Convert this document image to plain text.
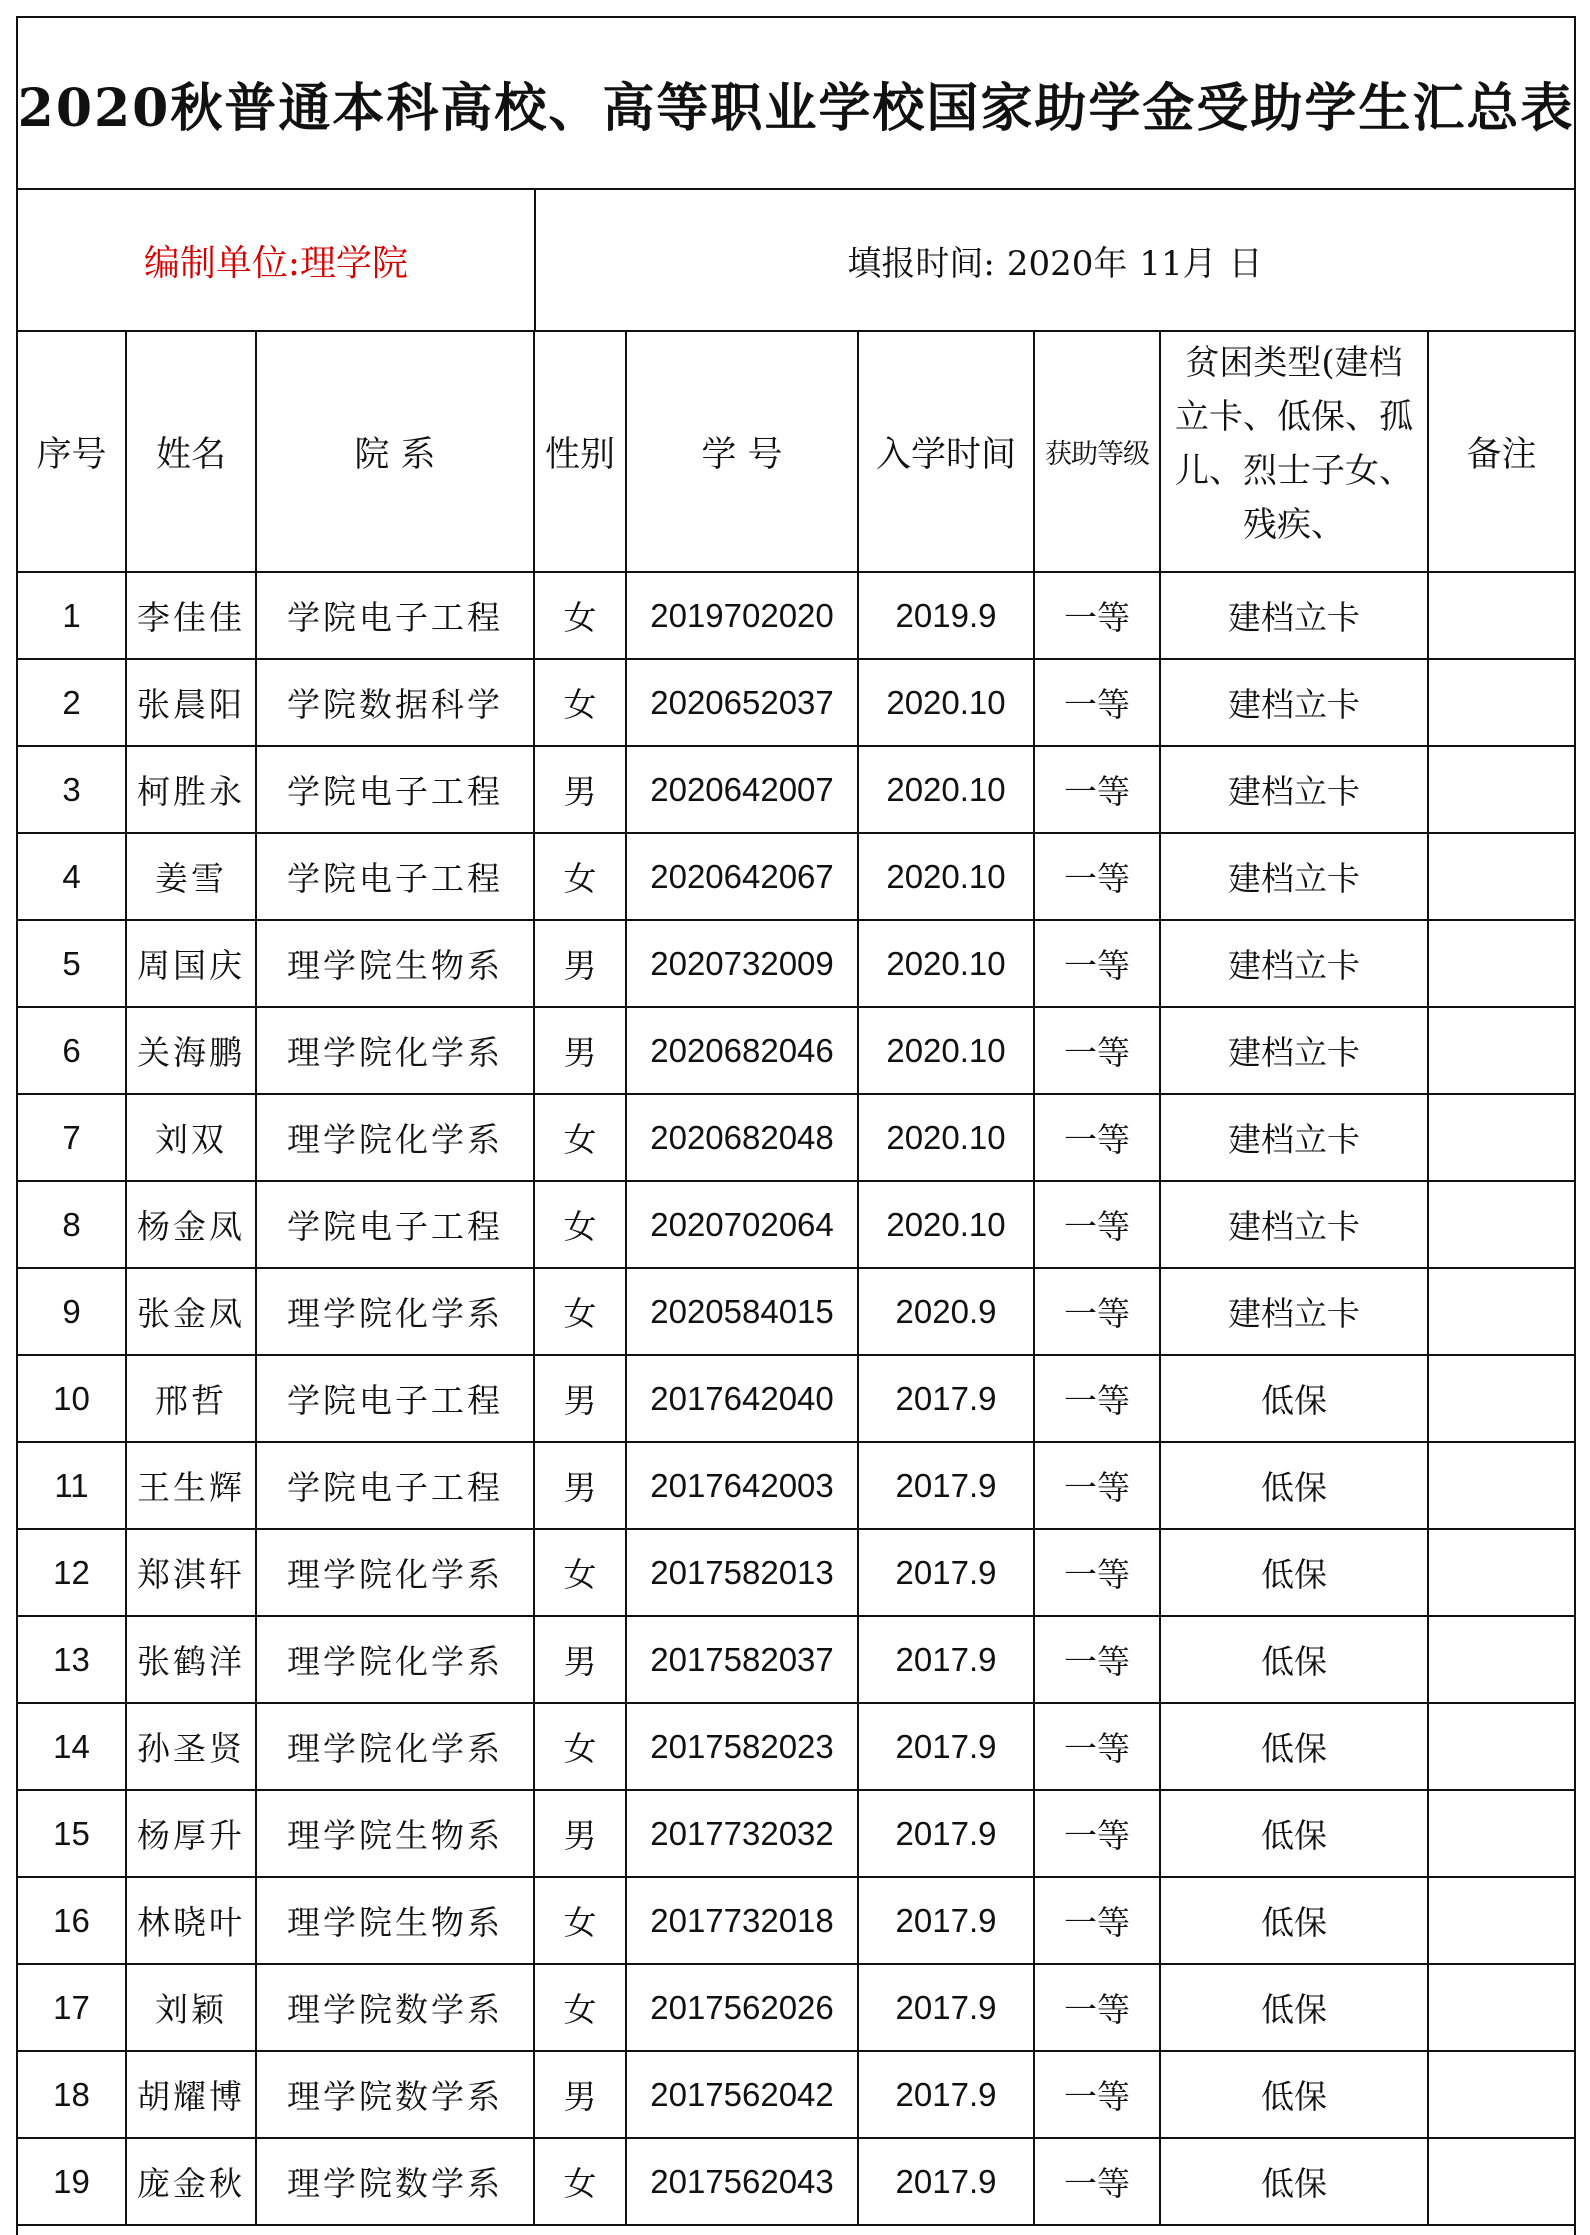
2020秋普通本科高校、高等职业学校国家助学金受助学生汇总表
编制单位:理学院	填报时间: 2020年 11月 日
序号	姓名	院 系	性别	学 号	入学时间	获助等级	贫困类型(建档立卡、低保、孤儿、烈士子女、残疾、	备注
1	李佳佳	学院电子工程	女	2019702020	2019.9	一等	建档立卡	
2	张晨阳	学院数据科学	女	2020652037	2020.10	一等	建档立卡	
3	柯胜永	学院电子工程	男	2020642007	2020.10	一等	建档立卡	
4	姜雪	学院电子工程	女	2020642067	2020.10	一等	建档立卡	
5	周国庆	理学院生物系	男	2020732009	2020.10	一等	建档立卡	
6	关海鹏	理学院化学系	男	2020682046	2020.10	一等	建档立卡	
7	刘双	理学院化学系	女	2020682048	2020.10	一等	建档立卡	
8	杨金凤	学院电子工程	女	2020702064	2020.10	一等	建档立卡	
9	张金凤	理学院化学系	女	2020584015	2020.9	一等	建档立卡	
10	邢哲	学院电子工程	男	2017642040	2017.9	一等	低保	
11	王生辉	学院电子工程	男	2017642003	2017.9	一等	低保	
12	郑淇轩	理学院化学系	女	2017582013	2017.9	一等	低保	
13	张鹤洋	理学院化学系	男	2017582037	2017.9	一等	低保	
14	孙圣贤	理学院化学系	女	2017582023	2017.9	一等	低保	
15	杨厚升	理学院生物系	男	2017732032	2017.9	一等	低保	
16	林晓叶	理学院生物系	女	2017732018	2017.9	一等	低保	
17	刘颖	理学院数学系	女	2017562026	2017.9	一等	低保	
18	胡耀博	理学院数学系	男	2017562042	2017.9	一等	低保	
19	庞金秋	理学院数学系	女	2017562043	2017.9	一等	低保	
